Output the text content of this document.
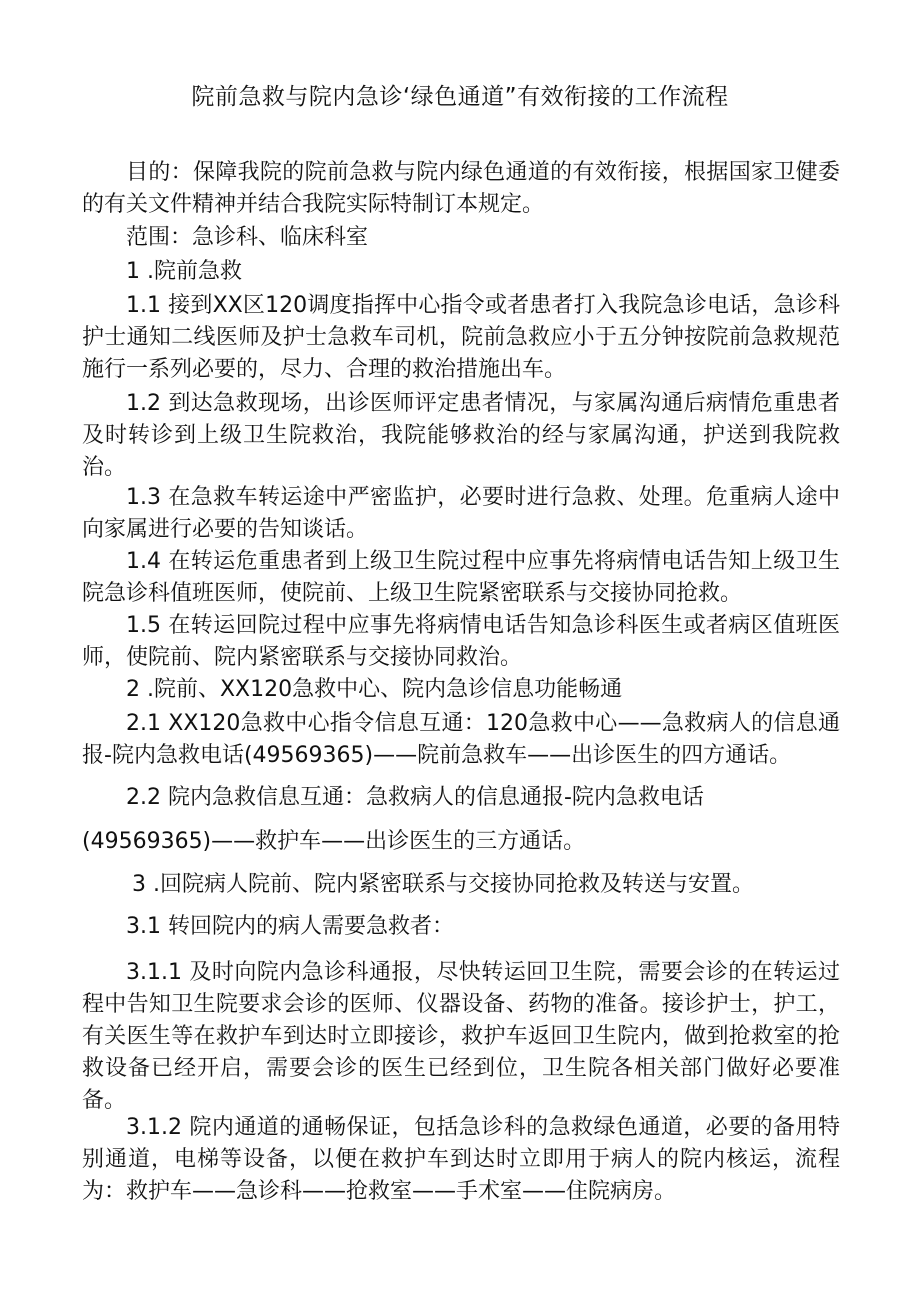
院前急救与院内急诊‘绿色通道”有效衔接的工作流程
目的：保障我院的院前急救与院内绿色通道的有效衔接，根据国家卫健委的有关文件精神并结合我院实际特制订本规定。
范围：急诊科、临床科室
1 .院前急救
1.1 接到XX区120调度指挥中心指令或者患者打入我院急诊电话，急诊科护士通知二线医师及护士急救车司机，院前急救应小于五分钟按院前急救规范施行一系列必要的，尽力、合理的救治措施出车。
1.2 到达急救现场，出诊医师评定患者情况，与家属沟通后病情危重患者及时转诊到上级卫生院救治，我院能够救治的经与家属沟通，护送到我院救治。
1.3 在急救车转运途中严密监护，必要时进行急救、处理。危重病人途中向家属进行必要的告知谈话。
1.4 在转运危重患者到上级卫生院过程中应事先将病情电话告知上级卫生院急诊科值班医师，使院前、上级卫生院紧密联系与交接协同抢救。
1.5 在转运回院过程中应事先将病情电话告知急诊科医生或者病区值班医师，使院前、院内紧密联系与交接协同救治。
2 .院前、XX120急救中心、院内急诊信息功能畅通
2.1 XX120急救中心指令信息互通：120急救中心——急救病人的信息通报-院内急救电话(49569365)——院前急救车——出诊医生的四方通话。
2.2 院内急救信息互通：急救病人的信息通报-院内急救电话
(49569365)——救护车——出诊医生的三方通话。
3 .回院病人院前、院内紧密联系与交接协同抢救及转送与安置。
3.1 转回院内的病人需要急救者：
3.1.1 及时向院内急诊科通报，尽快转运回卫生院，需要会诊的在转运过程中告知卫生院要求会诊的医师、仪器设备、药物的准备。接诊护士，护工，有关医生等在救护车到达时立即接诊，救护车返回卫生院内，做到抢救室的抢救设备已经开启，需要会诊的医生已经到位，卫生院各相关部门做好必要准备。
3.1.2 院内通道的通畅保证，包括急诊科的急救绿色通道，必要的备用特别通道，电梯等设备，以便在救护车到达时立即用于病人的院内核运，流程为：救护车——急诊科——抢救室——手术室——住院病房。
